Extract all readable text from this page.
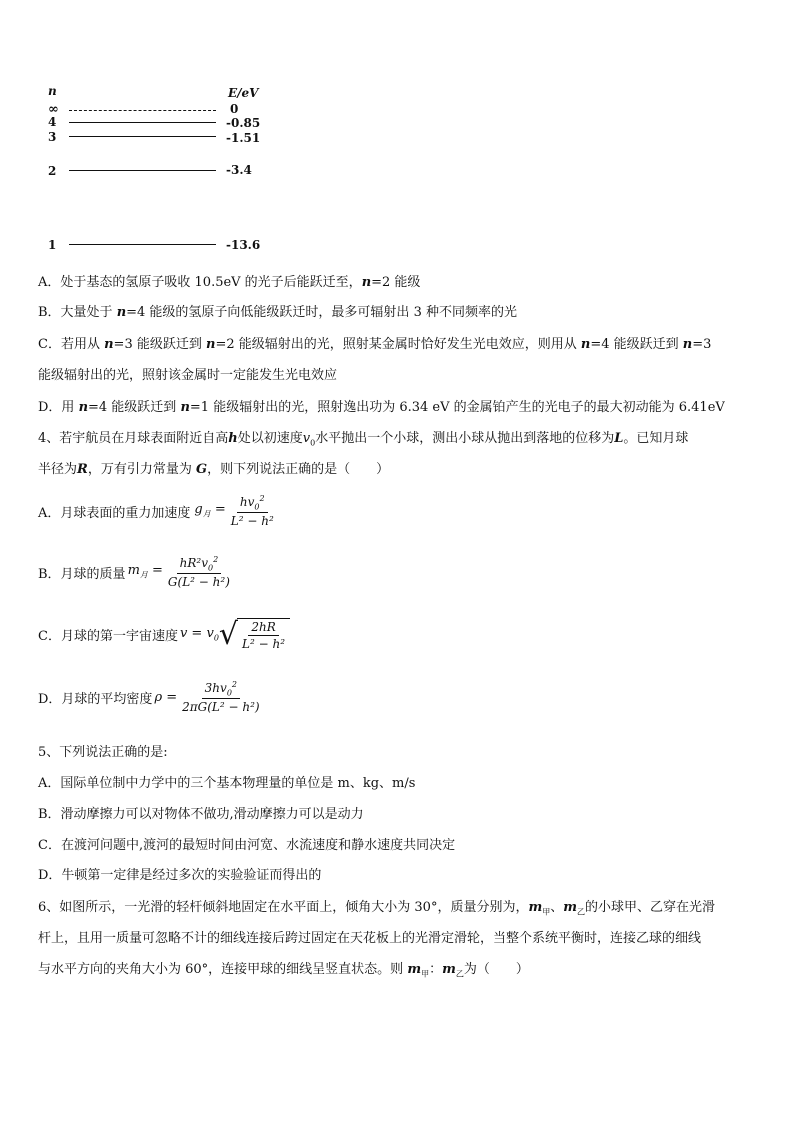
n	E/eV
∞	0
4	-0.85
3	-1.51
2	-3.4
1	-13.6
A．处于基态的氢原子吸收 10.5eV 的光子后能跃迁至，n=2 能级
B．大量处于 n=4 能级的氢原子向低能级跃迁时，最多可辐射出 3 种不同频率的光
C．若用从 n=3 能级跃迁到 n=2 能级辐射出的光，照射某金属时恰好发生光电效应，则用从 n=4 能级跃迁到 n=3
能级辐射出的光，照射该金属时一定能发生光电效应
D．用 n=4 能级跃迁到 n=1 能级辐射出的光，照射逸出功为 6.34 eV 的金属铂产生的光电子的最大初动能为 6.41eV
4、若宇航员在月球表面附近自高h处以初速度$v_0$水平抛出一个小球，测出小球从抛出到落地的位移为L。已知月球
半径为R，万有引力常量为 G，则下列说法正确的是（　　）
A．月球表面的重力加速度 $g_月 = \frac{hv_0^2}{\text{L² − h²}}$
B．月球的质量 $m_月 = \frac{hR^2v_0^2}{\text{G(L² − h²)}}$
C．月球的第一宇宙速度 $v = v_0$ √ $\frac{2hR}{\text{L² − h²}}$
D．月球的平均密度 $\rho = \frac{3hv_0^2}{\text{2πG(L² − h²)}}$
5、下列说法正确的是:
A．国际单位制中力学中的三个基本物理量的单位是 m、kg、m/s
B．滑动摩擦力可以对物体不做功,滑动摩擦力可以是动力
C．在渡河问题中,渡河的最短时间由河宽、水流速度和静水速度共同决定
D．牛顿第一定律是经过多次的实验验证而得出的
6、如图所示，一光滑的轻杆倾斜地固定在水平面上，倾角大小为 30°，质量分别为，$m_甲$、$m_乙$的小球甲、乙穿在光滑
杆上，且用一质量可忽略不计的细线连接后跨过固定在天花板上的光滑定滑轮，当整个系统平衡时，连接乙球的细线
与水平方向的夹角大小为 60°，连接甲球的细线呈竖直状态。则 $m_甲$：$m_乙$为（　　）
